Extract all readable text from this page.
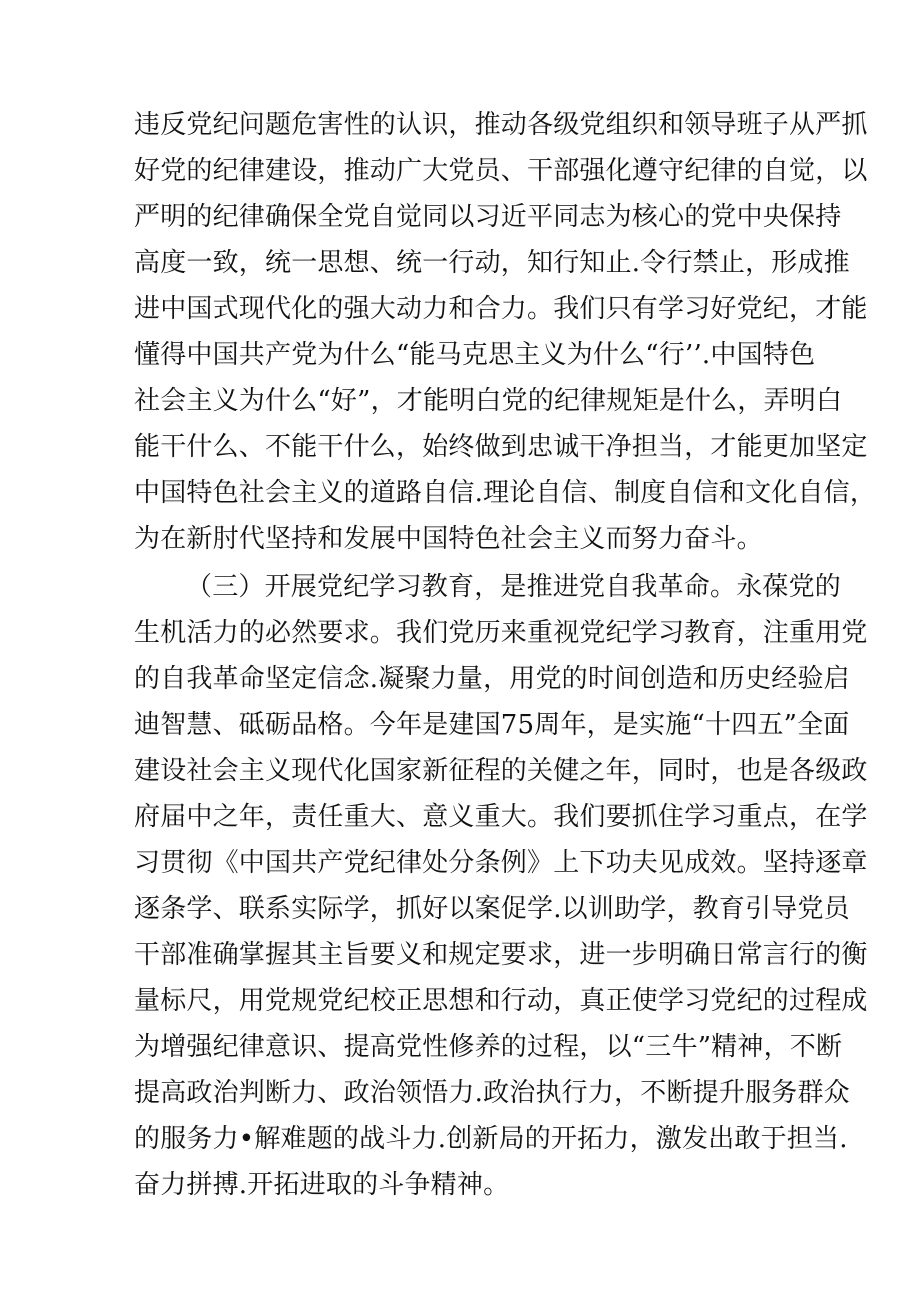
违反党纪问题危害性的认识，推动各级党组织和领导班子从严抓
好党的纪律建设，推动广大党员、干部强化遵守纪律的自觉，以
严明的纪律确保全党自觉同以习近平同志为核心的党中央保持
高度一致，统一思想、统一行动，知行知止.令行禁止，形成推
进中国式现代化的强大动力和合力。我们只有学习好党纪，才能
懂得中国共产党为什么“能马克思主义为什么“行’’.中国特色
社会主义为什么“好”，才能明白党的纪律规矩是什么，弄明白
能干什么、不能干什么，始终做到忠诚干净担当，才能更加坚定
中国特色社会主义的道路自信.理论自信、制度自信和文化自信，
为在新肘代坚持和发展中国特色社会主义而努力奋斗。
（三）开展党纪学习教育，是推进党自我革命。永葆党的
生机活力的必然要求。我们党历来重视党纪学习教育，注重用党
的自我革命坚定信念.凝聚力量，用党的时间创造和历史经验启
迪智慧、砥砺品格。今年是建国75周年，是实施“十四五”全面
建设社会主义现代化国家新征程的关健之年，同时，也是各级政
府届中之年，责任重大、意义重大。我们要抓住学习重点，在学
习贯彻《中国共产党纪律处分条例》上下功夫见成效。坚持逐章
逐条学、联系实际学，抓好以案促学.以训助学，教育引导党员
干部准确掌握其主旨要义和规定要求，进一步明确日常言行的衡
量标尺，用党规党纪校正思想和行动，真正使学习党纪的过程成
为增强纪律意识、提高党性修养的过程，以“三牛”精神，不断
提高政治判断力、政治领悟力.政治执行力，不断提升服务群众
的服务力•解难题的战斗力.创新局的开拓力，激发出敢于担当.
奋力拼搏.开拓进取的斗争精神。
